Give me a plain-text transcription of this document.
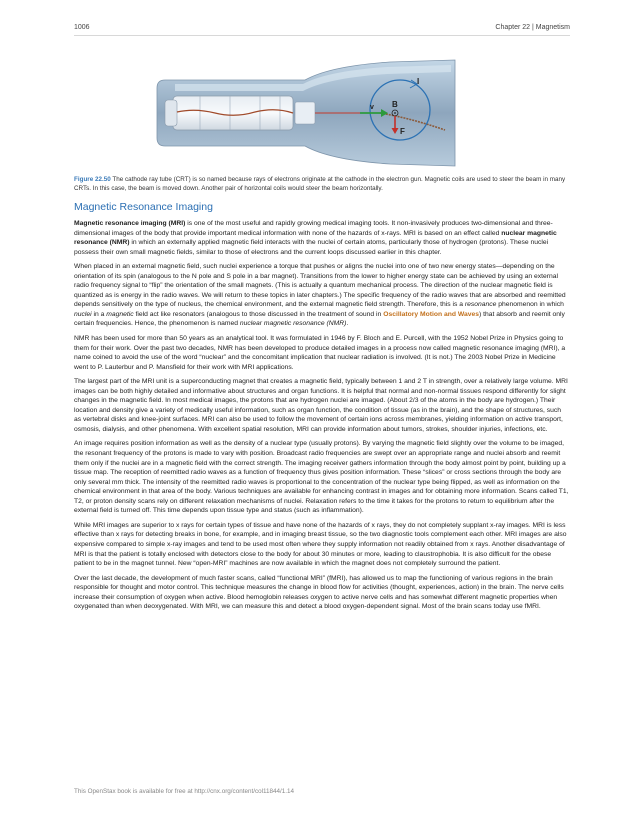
1006	Chapter 22 | Magnetism
I
v B
F
Figure 22.50 The cathode ray tube (CRT) is so named because rays of electrons originate at the cathode in the electron gun. Magnetic coils are used to steer the beam in many CRTs. In this case, the beam is moved down. Another pair of horizontal coils would steer the beam horizontally.
Magnetic Resonance Imaging

Magnetic resonance imaging (MRI) is one of the most useful and rapidly growing medical imaging tools. It non-invasively produces two-dimensional and three-dimensional images of the body that provide important medical information with none of the hazards of x-rays. MRI is based on an effect called nuclear magnetic resonance (NMR) in which an externally applied magnetic field interacts with the nuclei of certain atoms, particularly those of hydrogen (protons). These nuclei possess their own small magnetic fields, similar to those of electrons and the current loops discussed earlier in this chapter.

When placed in an external magnetic field, such nuclei experience a torque that pushes or aligns the nuclei into one of two new energy states—depending on the orientation of its spin (analogous to the N pole and S pole in a bar magnet). Transitions from the lower to higher energy state can be achieved by using an external radio frequency signal to “flip” the orientation of the small magnets. (This is actually a quantum mechanical process. The direction of the nuclear magnetic field is quantized as is energy in the radio waves. We will return to these topics in later chapters.) The specific frequency of the radio waves that are absorbed and reemitted depends sensitively on the type of nucleus, the chemical environment, and the external magnetic field strength. Therefore, this is a resonance phenomenon in which nuclei in a magnetic field act like resonators (analogous to those discussed in the treatment of sound in Oscillatory Motion and Waves) that absorb and reemit only certain frequencies. Hence, the phenomenon is named nuclear magnetic resonance (NMR).

NMR has been used for more than 50 years as an analytical tool. It was formulated in 1946 by F. Bloch and E. Purcell, with the 1952 Nobel Prize in Physics going to them for their work. Over the past two decades, NMR has been developed to produce detailed images in a process now called magnetic resonance imaging (MRI), a name coined to avoid the use of the word “nuclear” and the concomitant implication that nuclear radiation is involved. (It is not.) The 2003 Nobel Prize in Medicine went to P. Lauterbur and P. Mansfield for their work with MRI applications.

The largest part of the MRI unit is a superconducting magnet that creates a magnetic field, typically between 1 and 2 T in strength, over a relatively large volume. MRI images can be both highly detailed and informative about structures and organ functions. It is helpful that normal and non-normal tissues respond differently for slight changes in the magnetic field. In most medical images, the protons that are hydrogen nuclei are imaged. (About 2/3 of the atoms in the body are hydrogen.) Their location and density give a variety of medically useful information, such as organ function, the condition of tissue (as in the brain), and the shape of structures, such as vertebral disks and knee-joint surfaces. MRI can also be used to follow the movement of certain ions across membranes, yielding information on active transport, osmosis, dialysis, and other phenomena. With excellent spatial resolution, MRI can provide information about tumors, strokes, shoulder injuries, infections, etc.

An image requires position information as well as the density of a nuclear type (usually protons). By varying the magnetic field slightly over the volume to be imaged, the resonant frequency of the protons is made to vary with position. Broadcast radio frequencies are swept over an appropriate range and nuclei absorb and reemit them only if the nuclei are in a magnetic field with the correct strength. The imaging receiver gathers information through the body almost point by point, building up a tissue map. The reception of reemitted radio waves as a function of frequency thus gives position information. These “slices” or cross sections through the body are only several mm thick. The intensity of the reemitted radio waves is proportional to the concentration of the nuclear type being flipped, as well as information on the chemical environment in that area of the body. Various techniques are available for enhancing contrast in images and for obtaining more information. Scans called T1, T2, or proton density scans rely on different relaxation mechanisms of nuclei. Relaxation refers to the time it takes for the protons to return to equilibrium after the external field is turned off. This time depends upon tissue type and status (such as inflammation).

While MRI images are superior to x rays for certain types of tissue and have none of the hazards of x rays, they do not completely supplant x-ray images. MRI is less effective than x rays for detecting breaks in bone, for example, and in imaging breast tissue, so the two diagnostic tools complement each other. MRI images are also expensive compared to simple x-ray images and tend to be used most often where they supply information not readily obtained from x rays. Another disadvantage of MRI is that the patient is totally enclosed with detectors close to the body for about 30 minutes or more, leading to claustrophobia. It is also difficult for the obese patient to be in the magnet tunnel. New “open-MRI” machines are now available in which the magnet does not completely surround the patient.

Over the last decade, the development of much faster scans, called “functional MRI” (fMRI), has allowed us to map the functioning of various regions in the brain responsible for thought and motor control. This technique measures the change in blood flow for activities (thought, experiences, action) in the brain. The nerve cells increase their consumption of oxygen when active. Blood hemoglobin releases oxygen to active nerve cells and has somewhat different magnetic properties when oxygenated than when deoxygenated. With MRI, we can measure this and detect a blood oxygen-dependent signal. Most of the brain scans today use fMRI.

This OpenStax book is available for free at http://cnx.org/content/col11844/1.14
